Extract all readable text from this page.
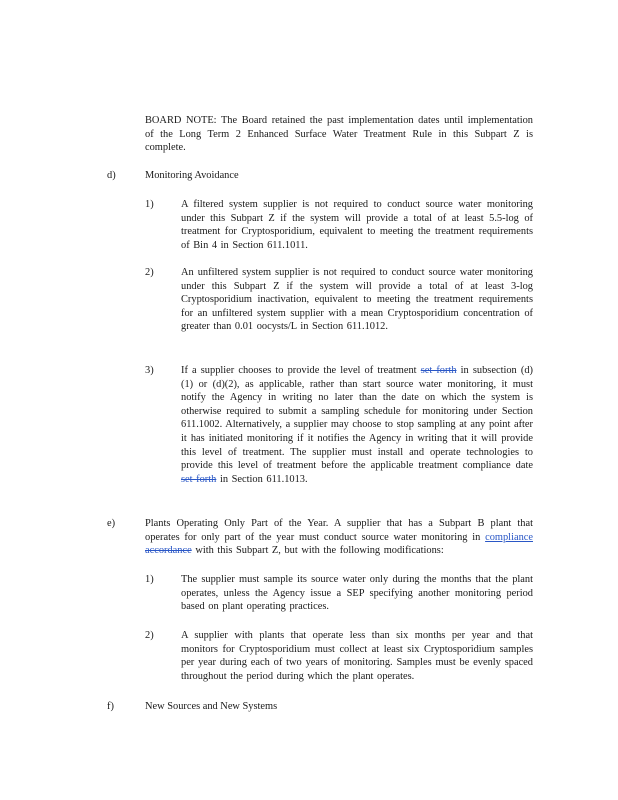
BOARD NOTE: The Board retained the past implementation dates until implementation of the Long Term 2 Enhanced Surface Water Treatment Rule in this Subpart Z is complete.
d)	Monitoring Avoidance
1)	A filtered system supplier is not required to conduct source water monitoring under this Subpart Z if the system will provide a total of at least 5.5-log of treatment for Cryptosporidium, equivalent to meeting the treatment requirements of Bin 4 in Section 611.1011.
2)	An unfiltered system supplier is not required to conduct source water monitoring under this Subpart Z if the system will provide a total of at least 3-log Cryptosporidium inactivation, equivalent to meeting the treatment requirements for an unfiltered system supplier with a mean Cryptosporidium concentration of greater than 0.01 oocysts/L in Section 611.1012.
3)	If a supplier chooses to provide the level of treatment set forth in subsection (d)(1) or (d)(2), as applicable, rather than start source water monitoring, it must notify the Agency in writing no later than the date on which the system is otherwise required to submit a sampling schedule for monitoring under Section 611.1002. Alternatively, a supplier may choose to stop sampling at any point after it has initiated monitoring if it notifies the Agency in writing that it will provide this level of treatment. The supplier must install and operate technologies to provide this level of treatment before the applicable treatment compliance date set forth in Section 611.1013.
e)	Plants Operating Only Part of the Year. A supplier that has a Subpart B plant that operates for only part of the year must conduct source water monitoring in compliance accordance with this Subpart Z, but with the following modifications:
1)	The supplier must sample its source water only during the months that the plant operates, unless the Agency issue a SEP specifying another monitoring period based on plant operating practices.
2)	A supplier with plants that operate less than six months per year and that monitors for Cryptosporidium must collect at least six Cryptosporidium samples per year during each of two years of monitoring. Samples must be evenly spaced throughout the period during which the plant operates.
f)	New Sources and New Systems
